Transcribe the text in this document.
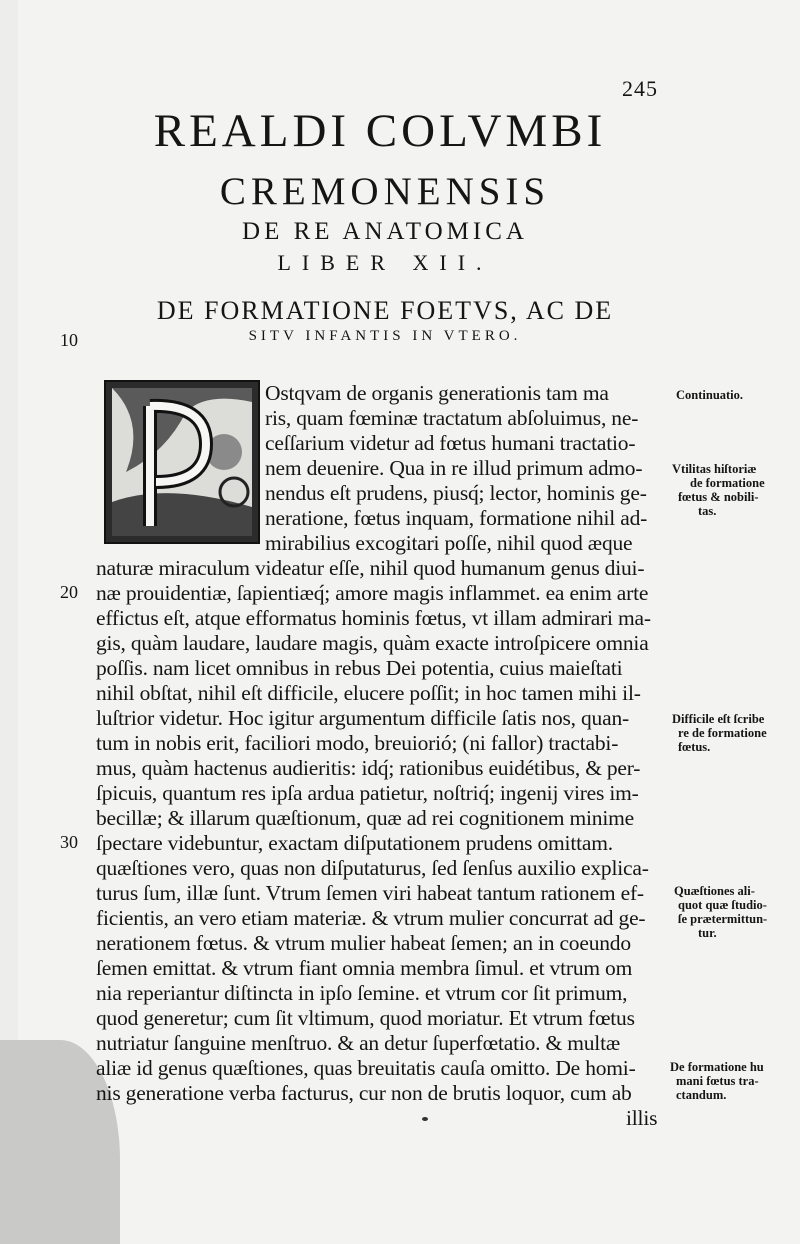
245
REALDI COLVMBI
CREMONENSIS
DE RE ANATOMICA
LIBER XII.
DE FORMATIONE FOETVS, AC DE
SITV INFANTIS IN VTERO.
10
20
30
Ostqvam de organis generationis tam ma
ris, quam fœminæ tractatum abſoluimus, ne-
ceſſarium videtur ad fœtus humani tractatio-
nem deuenire. Qua in re illud primum admo-
nendus eſt prudens, piusq́; lector, hominis ge-
neratione, fœtus inquam, formatione nihil ad-
mirabilius excogitari poſſe, nihil quod æque
naturæ miraculum videatur eſſe, nihil quod humanum genus diui-
næ prouidentiæ, ſapientiæq́; amore magis inflammet. ea enim arte
effictus eſt, atque efformatus hominis fœtus, vt illam admirari ma-
gis, quàm laudare, laudare magis, quàm exacte introſpicere omnia
poſſis. nam licet omnibus in rebus Dei potentia, cuius maieſtati
nihil obſtat, nihil eſt difficile, elucere poſſit; in hoc tamen mihi il-
luſtrior videtur. Hoc igitur argumentum difficile ſatis nos, quan-
tum in nobis erit, faciliori modo, breuiorió; (ni fallor) tractabi-
mus, quàm hactenus audieritis: idq́; rationibus euidétibus, & per-
ſpicuis, quantum res ipſa ardua patietur, noſtriq́; ingenij vires im-
becillæ; & illarum quæſtionum, quæ ad rei cognitionem minime
ſpectare videbuntur, exactam diſputationem prudens omittam.
quæſtiones vero, quas non diſputaturus, ſed ſenſus auxilio explica-
turus ſum, illæ ſunt. Vtrum ſemen viri habeat tantum rationem ef-
ficientis, an vero etiam materiæ. & vtrum mulier concurrat ad ge-
nerationem fœtus. & vtrum mulier habeat ſemen; an in coeundo
ſemen emittat. & vtrum fiant omnia membra ſimul. et vtrum om
nia reperiantur diſtincta in ipſo ſemine. et vtrum cor ſit primum,
quod generetur; cum ſit vltimum, quod moriatur. Et vtrum fœtus
nutriatur ſanguine menſtruo. & an detur ſuperfœtatio. & multæ
aliæ id genus quæſtiones, quas breuitatis cauſa omitto. De homi-
nis generatione verba facturus, cur non de brutis loquor, cum ab
illis
Continuatio.
Vtilitas hiſtoriæ
de formatione
fœtus & nobili-
tas.
Difficile eſt ſcribe
re de formatione
fœtus.
Quæſtiones ali-
quot quæ ſtudio-
ſe prætermittun-
tur.
De formatione hu
mani fœtus tra-
ctandum.
